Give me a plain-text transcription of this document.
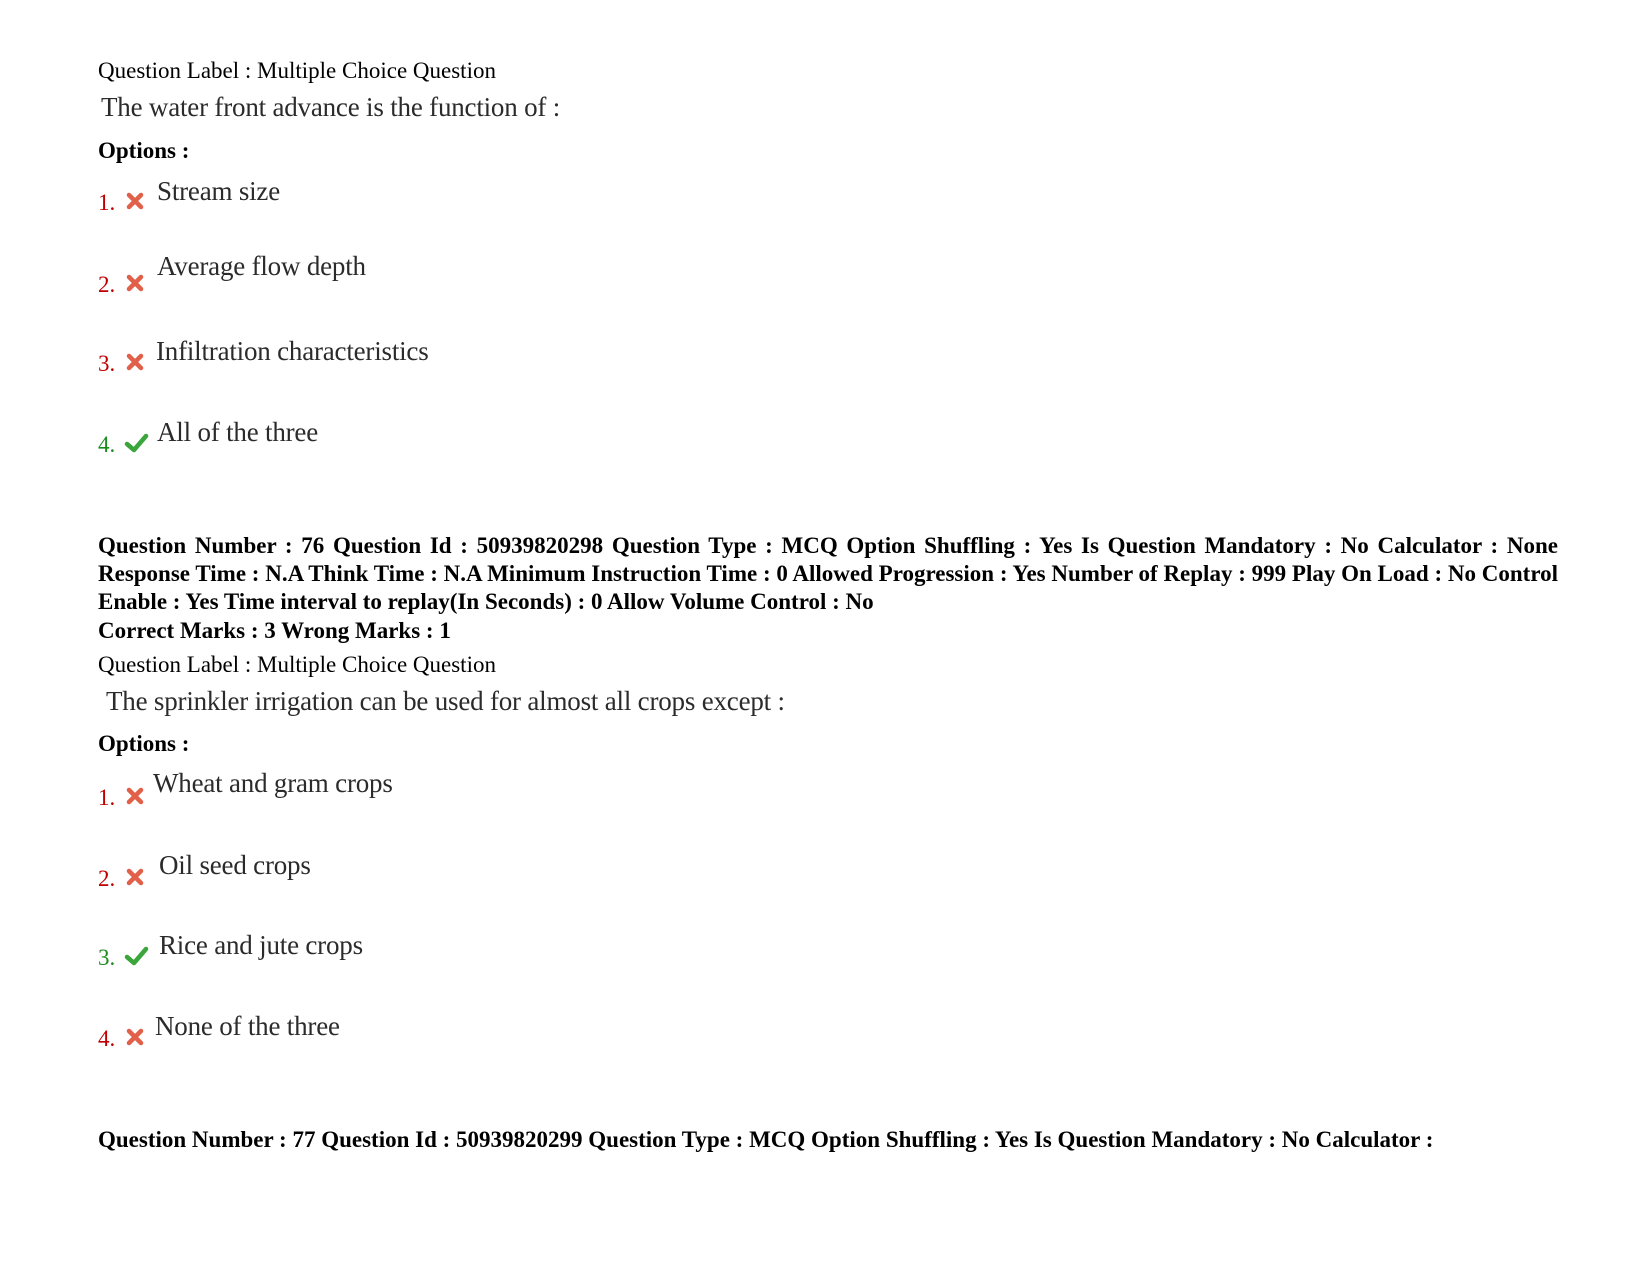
Question Label : Multiple Choice Question
The water front advance is the function of :
Options :
1. Stream size
2.
Average flow depth
3. Infiltration characteristics
4. All of the three
Question Number : 76 Question Id : 50939820298 Question Type : MCQ Option Shuffling : Yes Is Question Mandatory : No Calculator : None Response Time : N.A Think Time : N.A Minimum Instruction Time : 0 Allowed Progression : Yes Number of Replay : 999 Play On Load : No Control Enable : Yes Time interval to replay(In Seconds) : 0 Allow Volume Control : No
Correct Marks : 3 Wrong Marks : 1
Question Label : Multiple Choice Question
The sprinkler irrigation can be used for almost all crops except :
Options :
1. Wheat and gram crops
2. Oil seed crops
3. Rice and jute crops
4. None of the three
Question Number : 77 Question Id : 50939820299 Question Type : MCQ Option Shuffling : Yes Is Question Mandatory : No Calculator :
